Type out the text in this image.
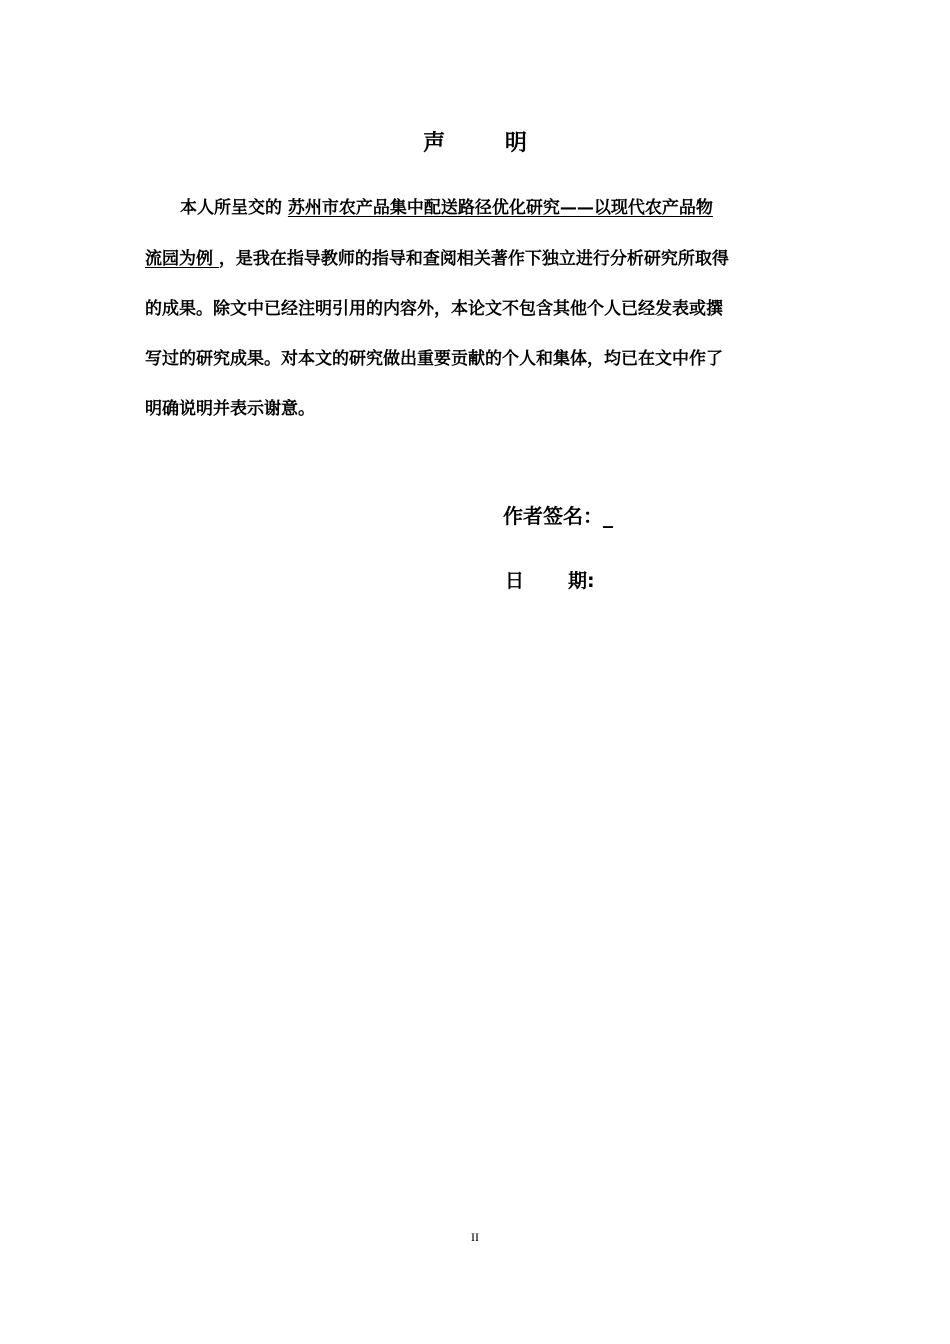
声 明
本人所呈交的 苏州市农产品集中配送路径优化研究——以现代农产品物
流园为例 ，是我在指导教师的指导和查阅相关著作下独立进行分析研究所取得
的成果。除文中已经注明引用的内容外，本论文不包含其他个人已经发表或撰
写过的研究成果。对本文的研究做出重要贡献的个人和集体，均已在文中作了
明确说明并表示谢意。
作者签名：_
日 期:
II
